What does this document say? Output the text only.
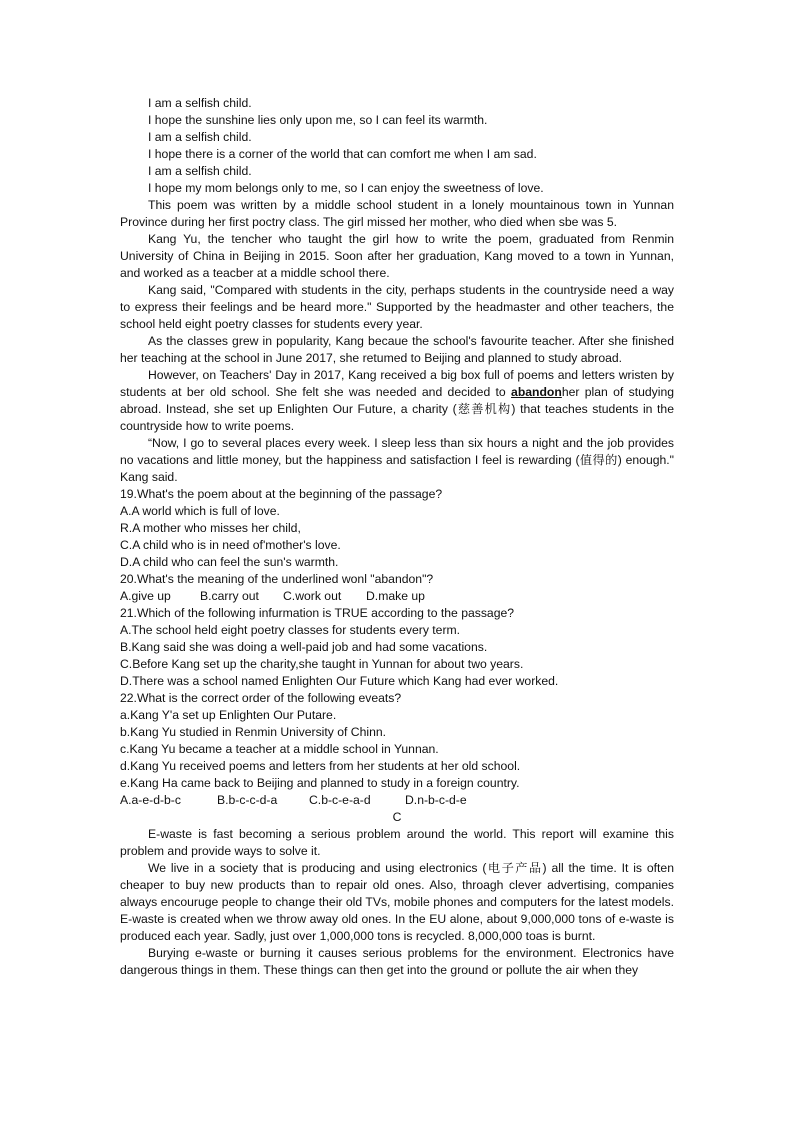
I am a selfish child.

I hope the sunshine lies only upon me, so I can feel its warmth.

I am a selfish child.

I hope there is a corner of the world that can comfort me when I am sad.

I am a selfish child.

I hope my mom belongs only to me, so I can enjoy the sweetness of love.

This poem was written by a middle school student in a lonely mountainous town in Yunnan Province during her first poctry class. The girl missed her mother, who died when sbe was 5.

Kang Yu, the tencher who taught the girl how to write the poem, graduated from Renmin University of China in Beijing in 2015. Soon after her graduation, Kang moved to a town in Yunnan, and worked as a teacber at a middle school there.

Kang said, "Compared with students in the city, perhaps students in the countryside need a way to express their feelings and be heard more." Supported by the headmaster and other teachers, the school held eight poetry classes for students every year.

As the classes grew in popularity, Kang becaue the school's favourite teacher. After she finished her teaching at the school in June 2017, she retumed to Beijing and planned to study abroad.

However, on Teachers' Day in 2017, Kang received a big box full of poems and letters wristen by students at ber old school. She felt she was needed and decided to abandonher plan of studying abroad. Instead, she set up Enlighten Our Future, a charity (慈善机构) that teaches students in the countryside how to write poems.

“Now, I go to several places every week. I sleep less than six hours a night and the job provides no vacations and little money, but the happiness and satisfaction I feel is rewarding (值得的) enough." Kang said.

19.What's the poem about at the beginning of the passage?

A.A world which is full of love.

R.A mother who misses her child,

C.A child who is in need of'mother's love.

D.A child who can feel the sun's warmth.

20.What's the meaning of the underlined wonl "abandon"?

A.give up	B.carry out	C.work out	D.make up

21.Which of the following infurmation is TRUE according to the passage?

A.The school held eight poetry classes for students every term.

B.Kang said she was doing a well-paid job and had some vacations.

C.Before Kang set up the charity,she taught in Yunnan for about two years.

D.There was a school named Enlighten Our Future which Kang had ever worked.

22.What is the correct order of the following eveats?

a.Kang Y'a set up Enlighten Our Putare.

b.Kang Yu studied in Renmin University of Chinn.

c.Kang Yu became a teacher at a middle school in Yunnan.

d.Kang Yu received poems and letters from her students at her old school.

e.Kang Ha came back to Beijing and planned to study in a foreign country.

A.a-e-d-b-c	B.b-c-c-d-a	C.b-c-e-a-d	D.n-b-c-d-e

C

E-waste is fast becoming a serious problem around the world. This report will examine this problem and provide ways to solve it.

We live in a society that is producing and using electronics (电子产品) all the time. It is often cheaper to buy new products than to repair old ones. Also, throagh clever advertising, companies always encouruge people to change their old TVs, mobile phones and computers for the latest models. E-waste is created when we throw away old ones. In the EU alone, about 9,000,000 tons of e-waste is produced each year. Sadly, just over 1,000,000 tons is recycled. 8,000,000 toas is burnt.

Burying e-waste or burning it causes serious problems for the environment. Electronics have dangerous things in them. These things can then get into the ground or pollute the air when they
